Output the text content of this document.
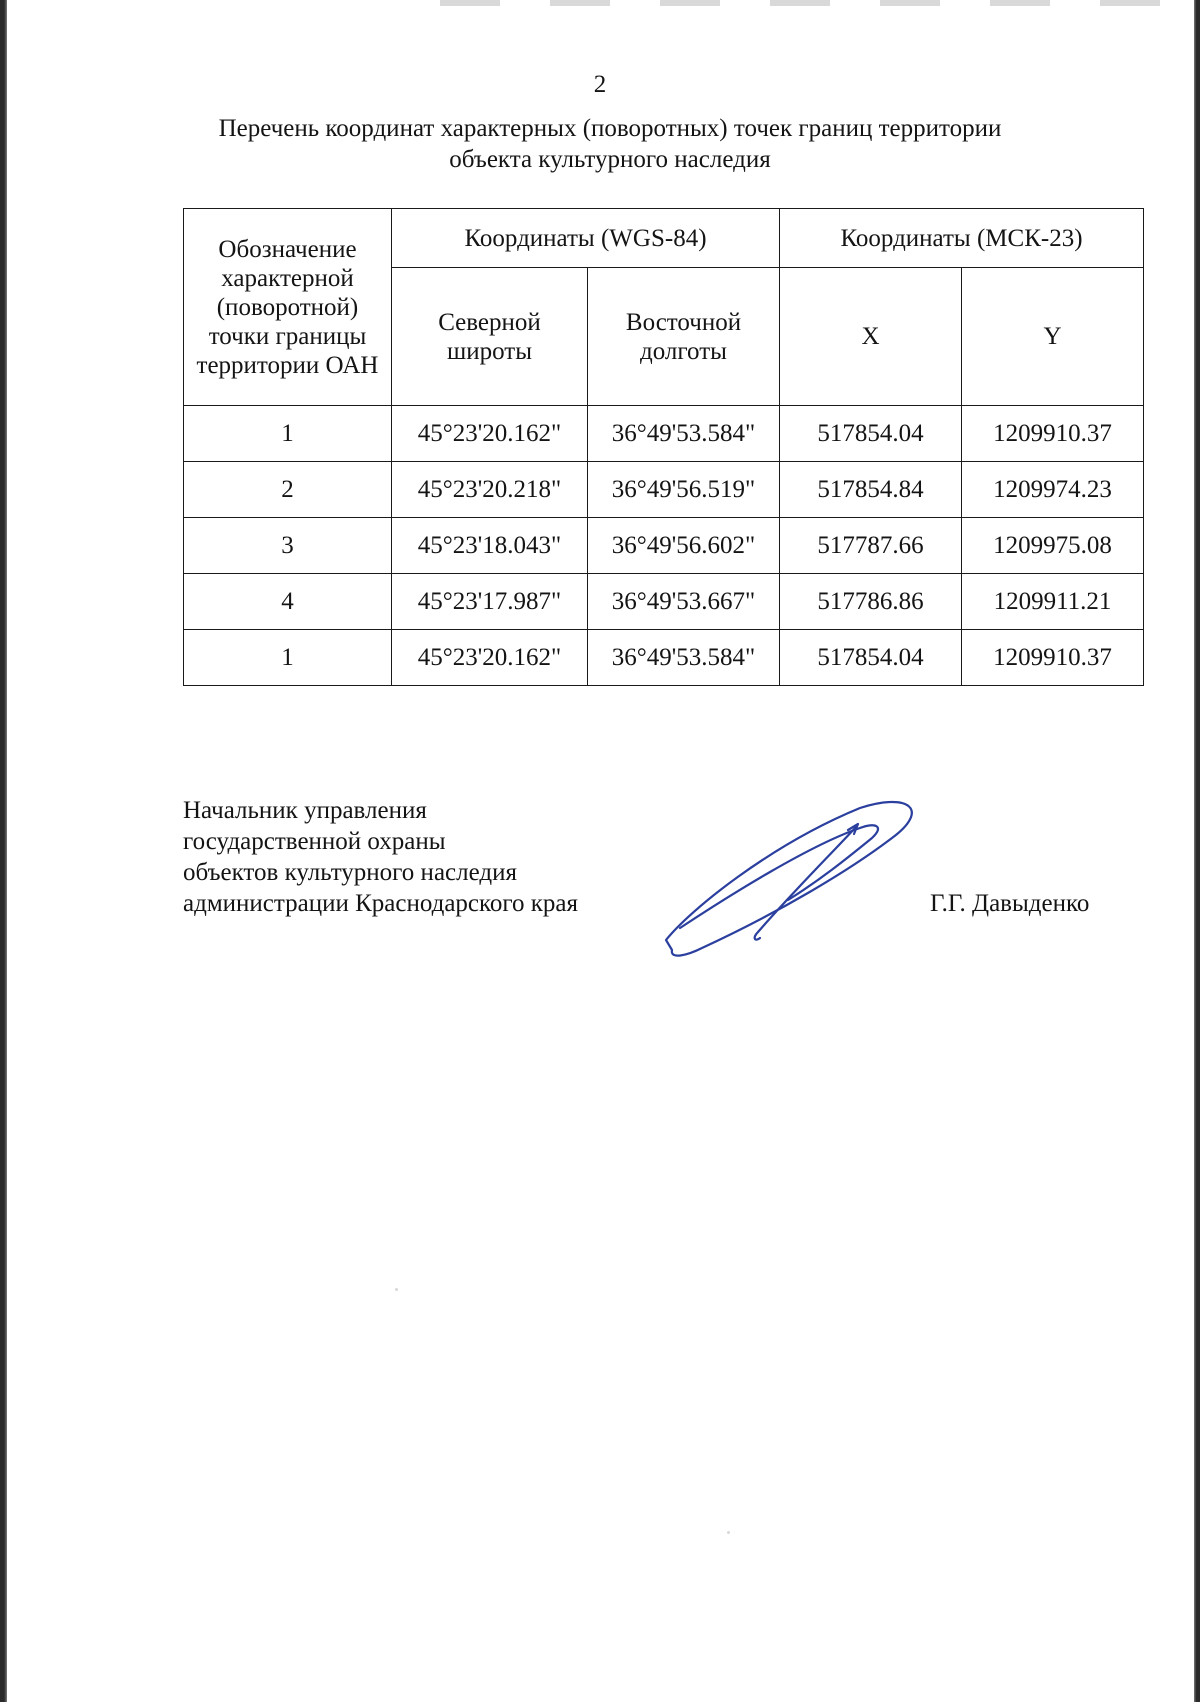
2
Перечень координат характерных (поворотных) точек границ территории
объекта культурного наследия
Обозначение характерной (поворотной) точки границы территории ОАН	Координаты (WGS-84)		Координаты (МСК-23)	
	Северной широты	Восточной долготы	X	Y
1	45°23'20.162"	36°49'53.584"	517854.04	1209910.37
2	45°23'20.218"	36°49'56.519"	517854.84	1209974.23
3	45°23'18.043"	36°49'56.602"	517787.66	1209975.08
4	45°23'17.987"	36°49'53.667"	517786.86	1209911.21
1	45°23'20.162"	36°49'53.584"	517854.04	1209910.37
Начальник управления
государственной охраны
объектов культурного наследия
администрации Краснодарского края	Г.Г. Давыденко
